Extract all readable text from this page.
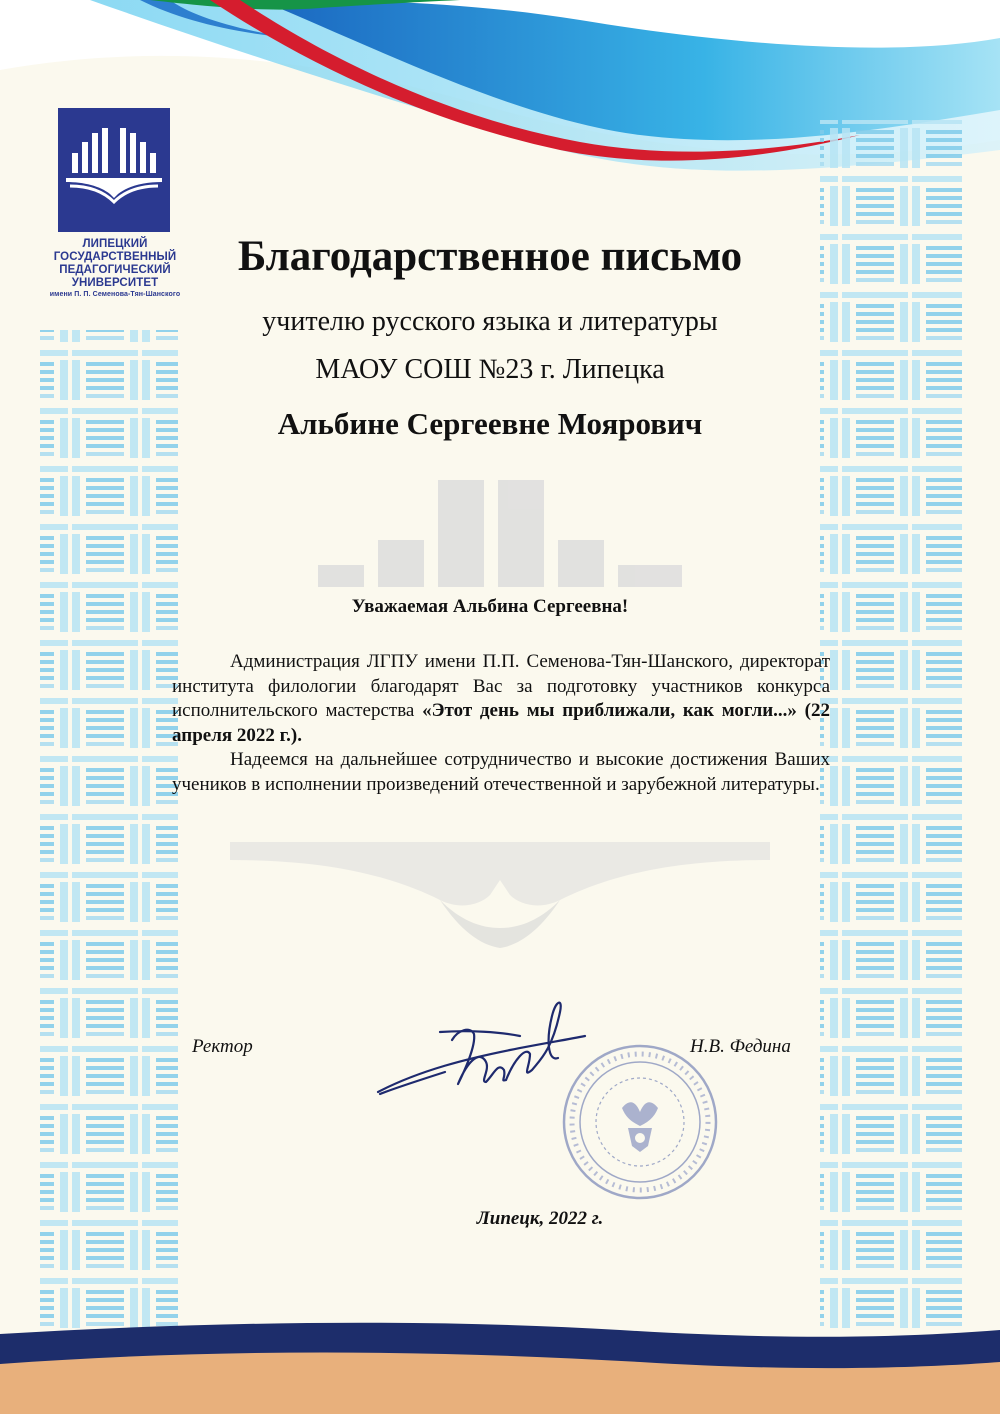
ЛИПЕЦКИЙ
ГОСУДАРСТВЕННЫЙ
ПЕДАГОГИЧЕСКИЙ
УНИВЕРСИТЕТ
имени П. П. Семенова-Тян-Шанского
Благодарственное письмо
учителю русского языка и литературы
МАОУ СОШ №23 г. Липецка
Альбине Сергеевне Моярович
Уважаемая Альбина Сергеевна!

Администрация ЛГПУ имени П.П. Семенова-Тян-Шанского, директорат института филологии благодарят Вас за подготовку участников конкурса исполнительского мастерства «Этот день мы приближали, как могли...» (22 апреля 2022 г.).

Надеемся на дальнейшее сотрудничество и высокие достижения Ваших учеников в исполнении произведений отечественной и зарубежной литературы.

Ректор	Н.В. Федина
Липецк, 2022 г.
